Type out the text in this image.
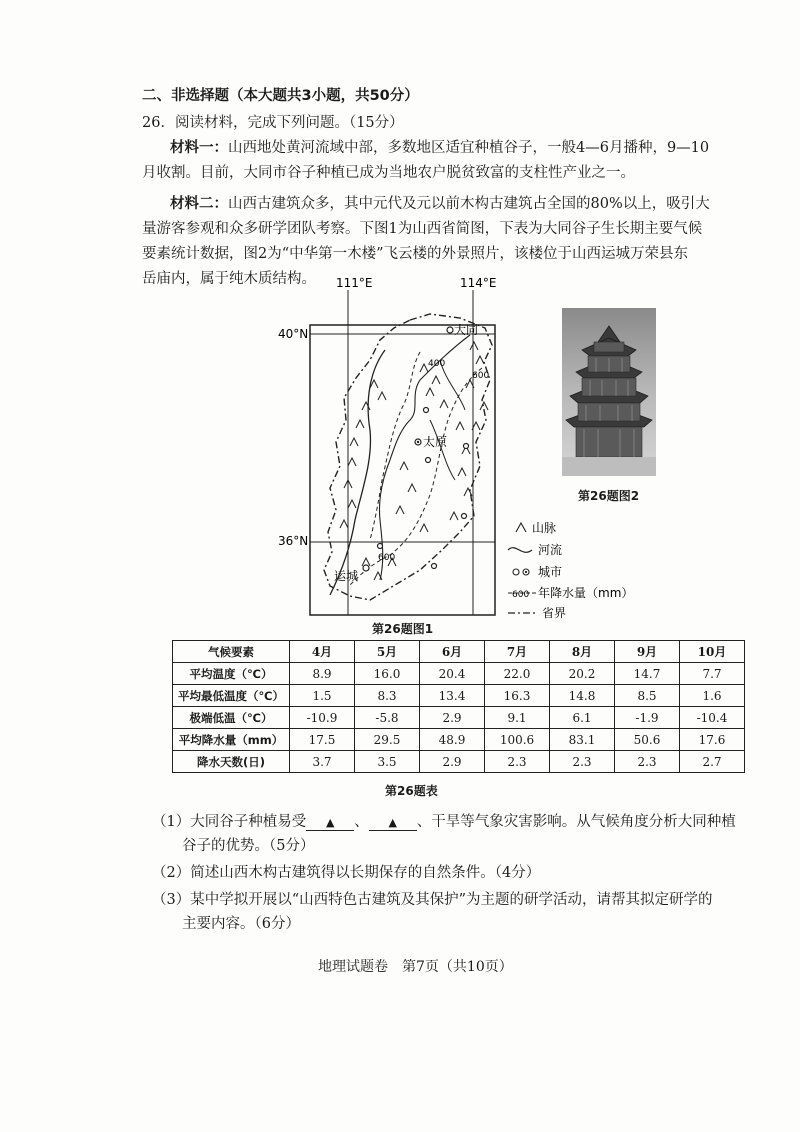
二、非选择题（本大题共3小题，共50分）
26．阅读材料，完成下列问题。（15分）
材料一：山西地处黄河流域中部，多数地区适宜种植谷子，一般4—6月播种，9—10
月收割。目前，大同市谷子种植已成为当地农户脱贫致富的支柱性产业之一。
材料二：山西古建筑众多，其中元代及元以前木构古建筑占全国的80%以上，吸引大
量游客参观和众多研学团队考察。下图1为山西省简图，下表为大同谷子生长期主要气候
要素统计数据，图2为“中华第一木楼”飞云楼的外景照片，该楼位于山西运城万荣县东
岳庙内，属于纯木质结构。 111°E	114°E
40°N
36°N
大同
太原
运城
400
600
600
山脉
河流
城市
600 年降水量（mm）
省界
第26题图1
第26题图2
气候要素	4月	5月	6月	7月	8月	9月	10月
平均温度（℃）	8.9	16.0	20.4	22.0	20.2	14.7	7.7
平均最低温度（℃）	1.5	8.3	13.4	16.3	14.8	8.5	1.6
极端低温（℃）	-10.9	-5.8	2.9	9.1	6.1	-1.9	-10.4
平均降水量（mm）	17.5	29.5	48.9	100.6	83.1	50.6	17.6
降水天数(日)	3.7	3.5	2.9	2.3	2.3	2.3	2.7
第26题表
（1）大同谷子种植易受 ▲ 、 ▲ 、干旱等气象灾害影响。从气候角度分析大同种植
谷子的优势。（5分）
（2）简述山西木构古建筑得以长期保存的自然条件。（4分）
（3）某中学拟开展以“山西特色古建筑及其保护”为主题的研学活动，请帮其拟定研学的
主要内容。（6分）
地理试题卷　第7页（共10页）
